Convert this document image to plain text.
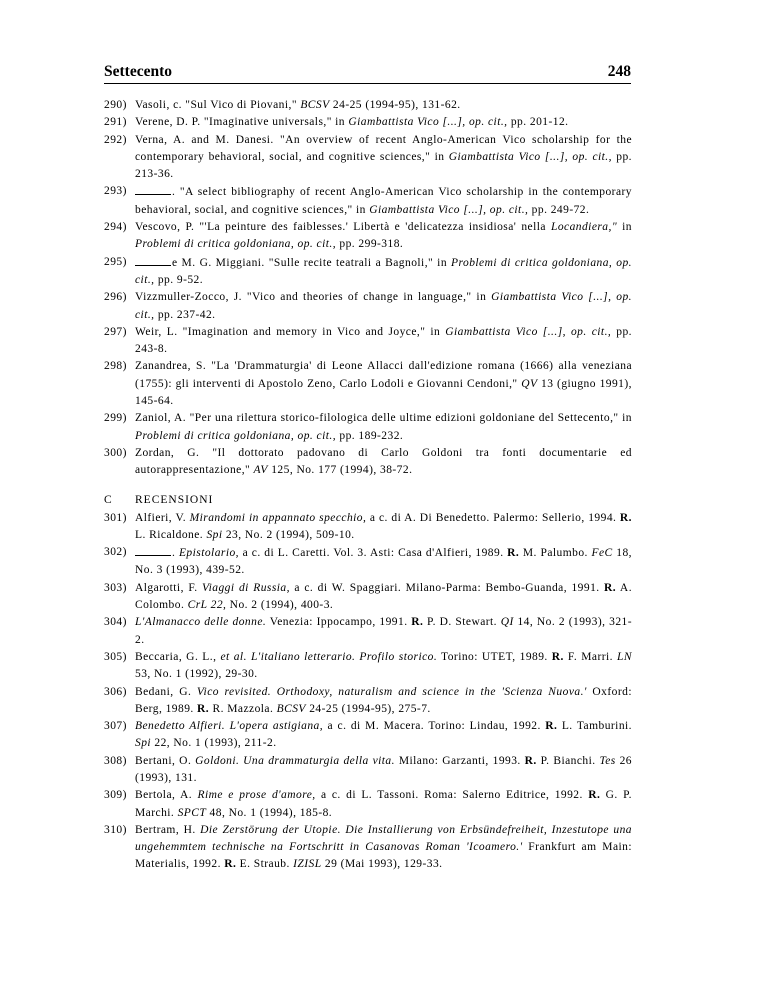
Settecento	248
290) Vasoli, c. "Sul Vico di Piovani," BCSV 24-25 (1994-95), 131-62.
291) Verene, D. P. "Imaginative universals," in Giambattista Vico [...], op. cit., pp. 201-12.
292) Verna, A. and M. Danesi. "An overview of recent Anglo-American Vico scholarship for the contemporary behavioral, social, and cognitive sciences," in Giambattista Vico [...], op. cit., pp. 213-36.
293)	. "A select bibliography of recent Anglo-American Vico scholarship in the contemporary behavioral, social, and cognitive sciences," in Giambattista Vico [...], op. cit., pp. 249-72.
294) Vescovo, P. "'La peinture des faiblesses.' Libertà e 'delicatezza insidiosa' nella Locandiera," in Problemi di critica goldoniana, op. cit., pp. 299-318.
295)	e M. G. Miggiani. "Sulle recite teatrali a Bagnoli," in Problemi di critica goldoniana, op. cit., pp. 9-52.
296) Vizzmuller-Zocco, J. "Vico and theories of change in language," in Giambattista Vico [...], op. cit., pp. 237-42.
297) Weir, L. "Imagination and memory in Vico and Joyce," in Giambattista Vico [...], op. cit., pp. 243-8.
298) Zanandrea, S. "La 'Drammaturgia' di Leone Allacci dall'edizione romana (1666) alla veneziana (1755): gli interventi di Apostolo Zeno, Carlo Lodoli e Giovanni Cendoni," QV 13 (giugno 1991), 145-64.
299) Zaniol, A. "Per una rilettura storico-filologica delle ultime edizioni goldoniane del Settecento," in Problemi di critica goldoniana, op. cit., pp. 189-232.
300) Zordan, G. "Il dottorato padovano di Carlo Goldoni tra fonti documentarie ed autorappresentazione," AV 125, No. 177 (1994), 38-72.
C RECENSIONI
301) Alfieri, V. Mirandomi in appannato specchio, a c. di A. Di Benedetto. Palermo: Sellerio, 1994. R. L. Ricaldone. Spi 23, No. 2 (1994), 509-10.
302)	. Epistolario, a c. di L. Caretti. Vol. 3. Asti: Casa d'Alfieri, 1989. R. M. Palumbo. FeC 18, No. 3 (1993), 439-52.
303) Algarotti, F. Viaggi di Russia, a c. di W. Spaggiari. Milano-Parma: Bembo-Guanda, 1991. R. A. Colombo. CrL 22, No. 2 (1994), 400-3.
304) L'Almanacco delle donne. Venezia: Ippocampo, 1991. R. P. D. Stewart. QI 14, No. 2 (1993), 321-2.
305) Beccaria, G. L., et al. L'italiano letterario. Profilo storico. Torino: UTET, 1989. R. F. Marri. LN 53, No. 1 (1992), 29-30.
306) Bedani, G. Vico revisited. Orthodoxy, naturalism and science in the 'Scienza Nuova.' Oxford: Berg, 1989. R. R. Mazzola. BCSV 24-25 (1994-95), 275-7.
307) Benedetto Alfieri. L'opera astigiana, a c. di M. Macera. Torino: Lindau, 1992. R. L. Tamburini. Spi 22, No. 1 (1993), 211-2.
308) Bertani, O. Goldoni. Una drammaturgia della vita. Milano: Garzanti, 1993. R. P. Bianchi. Tes 26 (1993), 131.
309) Bertola, A. Rime e prose d'amore, a c. di L. Tassoni. Roma: Salerno Editrice, 1992. R. G. P. Marchi. SPCT 48, No. 1 (1994), 185-8.
310) Bertram, H. Die Zerstörung der Utopie. Die Installierung von Erbsündefreiheit, Inzestutope una ungehemmtem technische na Fortschritt in Casanovas Roman 'Icoamero.' Frankfurt am Main: Materialis, 1992. R. E. Straub. IZISL 29 (Mai 1993), 129-33.
